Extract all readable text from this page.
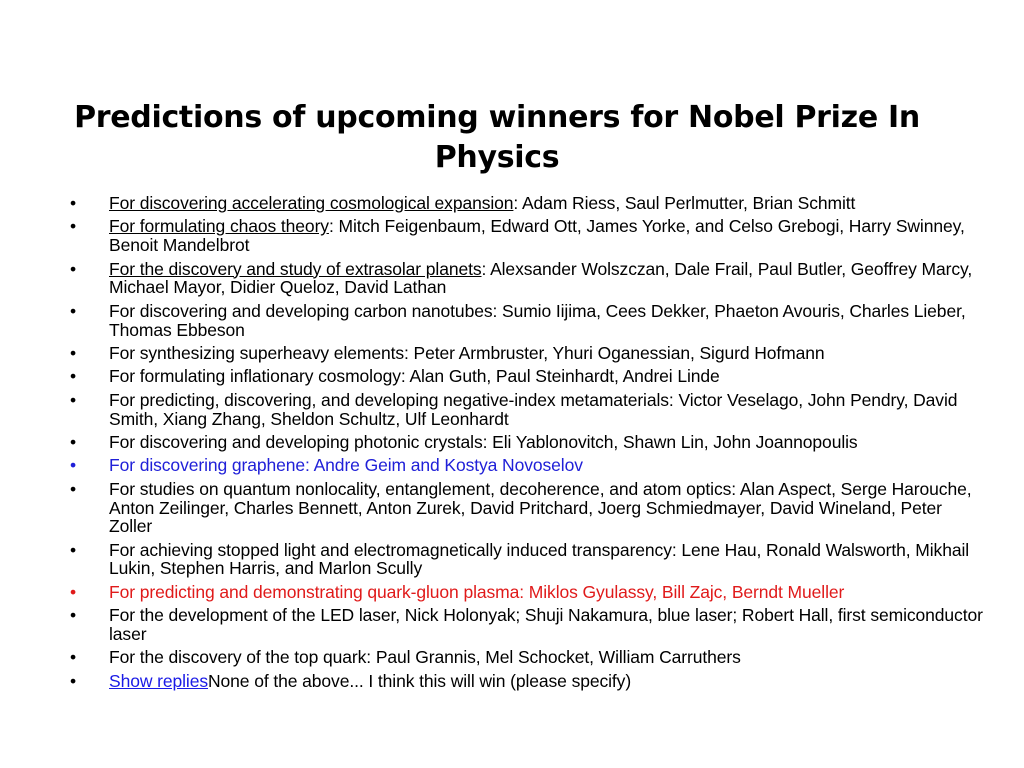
Predictions of upcoming winners for Nobel Prize In Physics
•	For discovering accelerating cosmological expansion: Adam Riess, Saul Perlmutter, Brian Schmitt
•	For formulating chaos theory: Mitch Feigenbaum, Edward Ott, James Yorke, and Celso Grebogi, Harry Swinney, Benoit Mandelbrot
•	For the discovery and study of extrasolar planets: Alexsander Wolszczan, Dale Frail, Paul Butler, Geoffrey Marcy, Michael Mayor, Didier Queloz, David Lathan
•	For discovering and developing carbon nanotubes: Sumio Iijima, Cees Dekker, Phaeton Avouris, Charles Lieber, Thomas Ebbeson
•	For synthesizing superheavy elements: Peter Armbruster, Yhuri Oganessian, Sigurd Hofmann
•	For formulating inflationary cosmology: Alan Guth, Paul Steinhardt, Andrei Linde
•	For predicting, discovering, and developing negative-index metamaterials: Victor Veselago, John Pendry, David Smith, Xiang Zhang, Sheldon Schultz, Ulf Leonhardt
•	For discovering and developing photonic crystals: Eli Yablonovitch, Shawn Lin, John Joannopoulis
•	For discovering graphene: Andre Geim and Kostya Novoselov
•	For studies on quantum nonlocality, entanglement, decoherence, and atom optics: Alan Aspect, Serge Harouche, Anton Zeilinger, Charles Bennett, Anton Zurek, David Pritchard, Joerg Schmiedmayer, David Wineland, Peter Zoller
•	For achieving stopped light and electromagnetically induced transparency: Lene Hau, Ronald Walsworth, Mikhail Lukin, Stephen Harris, and Marlon Scully
•	For predicting and demonstrating quark-gluon plasma: Miklos Gyulassy, Bill Zajc, Berndt Mueller
•	For the development of the LED laser, Nick Holonyak; Shuji Nakamura, blue laser; Robert Hall, first semiconductor laser
•	For the discovery of the top quark: Paul Grannis, Mel Schocket, William Carruthers
•	Show repliesNone of the above... I think this will win (please specify)
